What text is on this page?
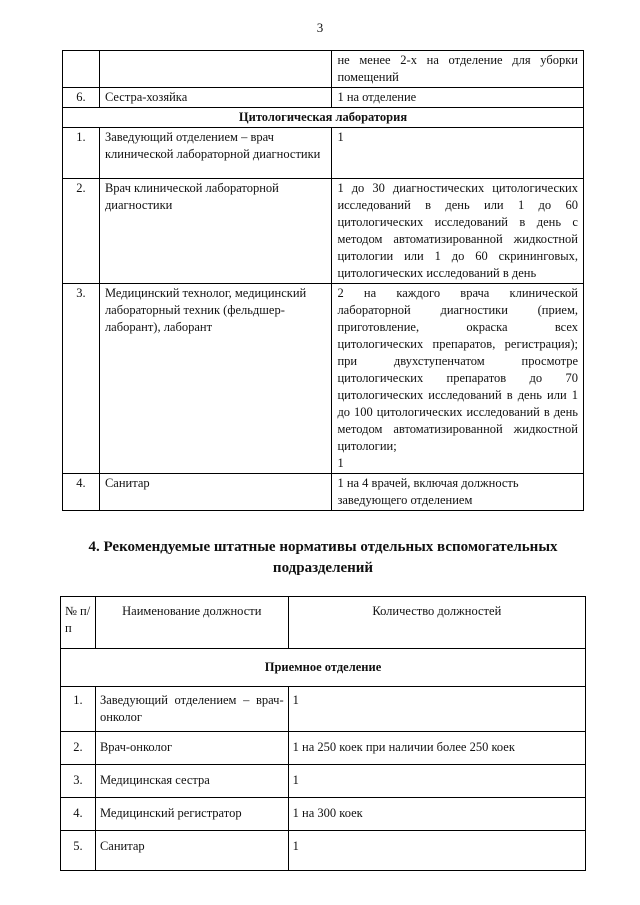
3
		не менее 2-х на отделение для уборки помещений
6.	Сестра-хозяйка	1 на отделение
Цитологическая лаборатория		
1.	Заведующий отделением – врач клинической лабораторной диагностики	1
2.	Врач клинической лабораторной диагностики	1 до 30 диагностических цитологических исследований в день или 1 до 60 цитологических исследований в день с методом автоматизированной жидкостной цитологии или 1 до 60 скрининговых, цитологических исследований в день
3.	Медицинский технолог, медицинский лабораторный техник (фельдшер-лаборант), лаборант	2 на каждого врача клинической лабораторной диагностики (прием, приготовление, окраска всех цитологических препаратов, регистрация); при двухступенчатом просмотре цитологических препаратов до 70 цитологических исследований в день или 1 до 100 цитологических исследований в день методом автоматизированной жидкостной цитологии;
1

4.	Санитар	1 на 4 врачей, включая должность заведующего отделением
4. Рекомендуемые штатные нормативы отдельных вспомогательных подразделений
№ п/п	Наименование должности	Количество должностей
Приемное отделение		
1.	Заведующий отделением – врач-онколог	1
2.	Врач-онколог	1 на 250 коек при наличии более 250 коек
3.	Медицинская сестра	1
4.	Медицинский регистратор	1 на 300 коек
5.	Санитар	1
